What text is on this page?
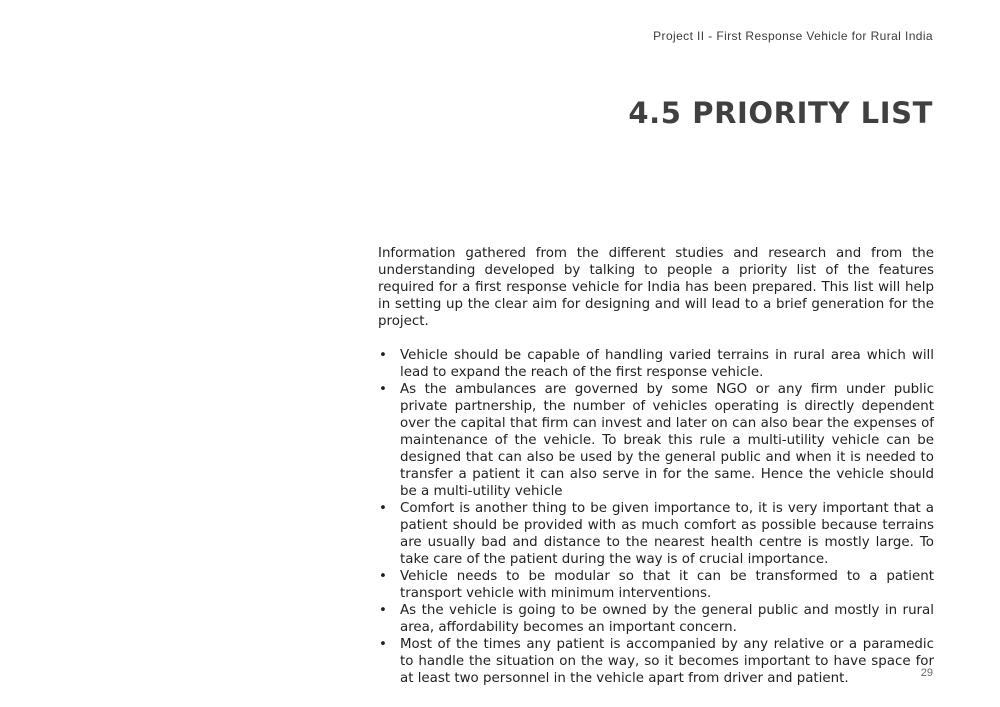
Project II - First Response Vehicle for Rural India
4.5 PRIORITY LIST

Information gathered from the different studies and research and from the understanding developed by talking to people a priority list of the features required for a first response vehicle for India has been prepared. This list will help in setting up the clear aim for designing and will lead to a brief generation for the project.

• Vehicle should be capable of handling varied terrains in rural area which will lead to expand the reach of the first response vehicle.
• As the ambulances are governed by some NGO or any firm under public private partnership, the number of vehicles operating is directly dependent over the capital that firm can invest and later on can also bear the expenses of maintenance of the vehicle. To break this rule a multi-utility vehicle can be designed that can also be used by the general public and when it is needed to transfer a patient it can also serve in for the same. Hence the vehicle should be a multi-utility vehicle
• Comfort is another thing to be given importance to, it is very important that a patient should be provided with as much comfort as possible because terrains are usually bad and distance to the nearest health centre is mostly large. To take care of the patient during the way is of crucial importance.
• Vehicle needs to be modular so that it can be transformed to a patient transport vehicle with minimum interventions.
• As the vehicle is going to be owned by the general public and mostly in rural area, affordability becomes an important concern.
• Most of the times any patient is accompanied by any relative or a paramedic to handle the situation on the way, so it becomes important to have space for at least two personnel in the vehicle apart from driver and patient.	29
